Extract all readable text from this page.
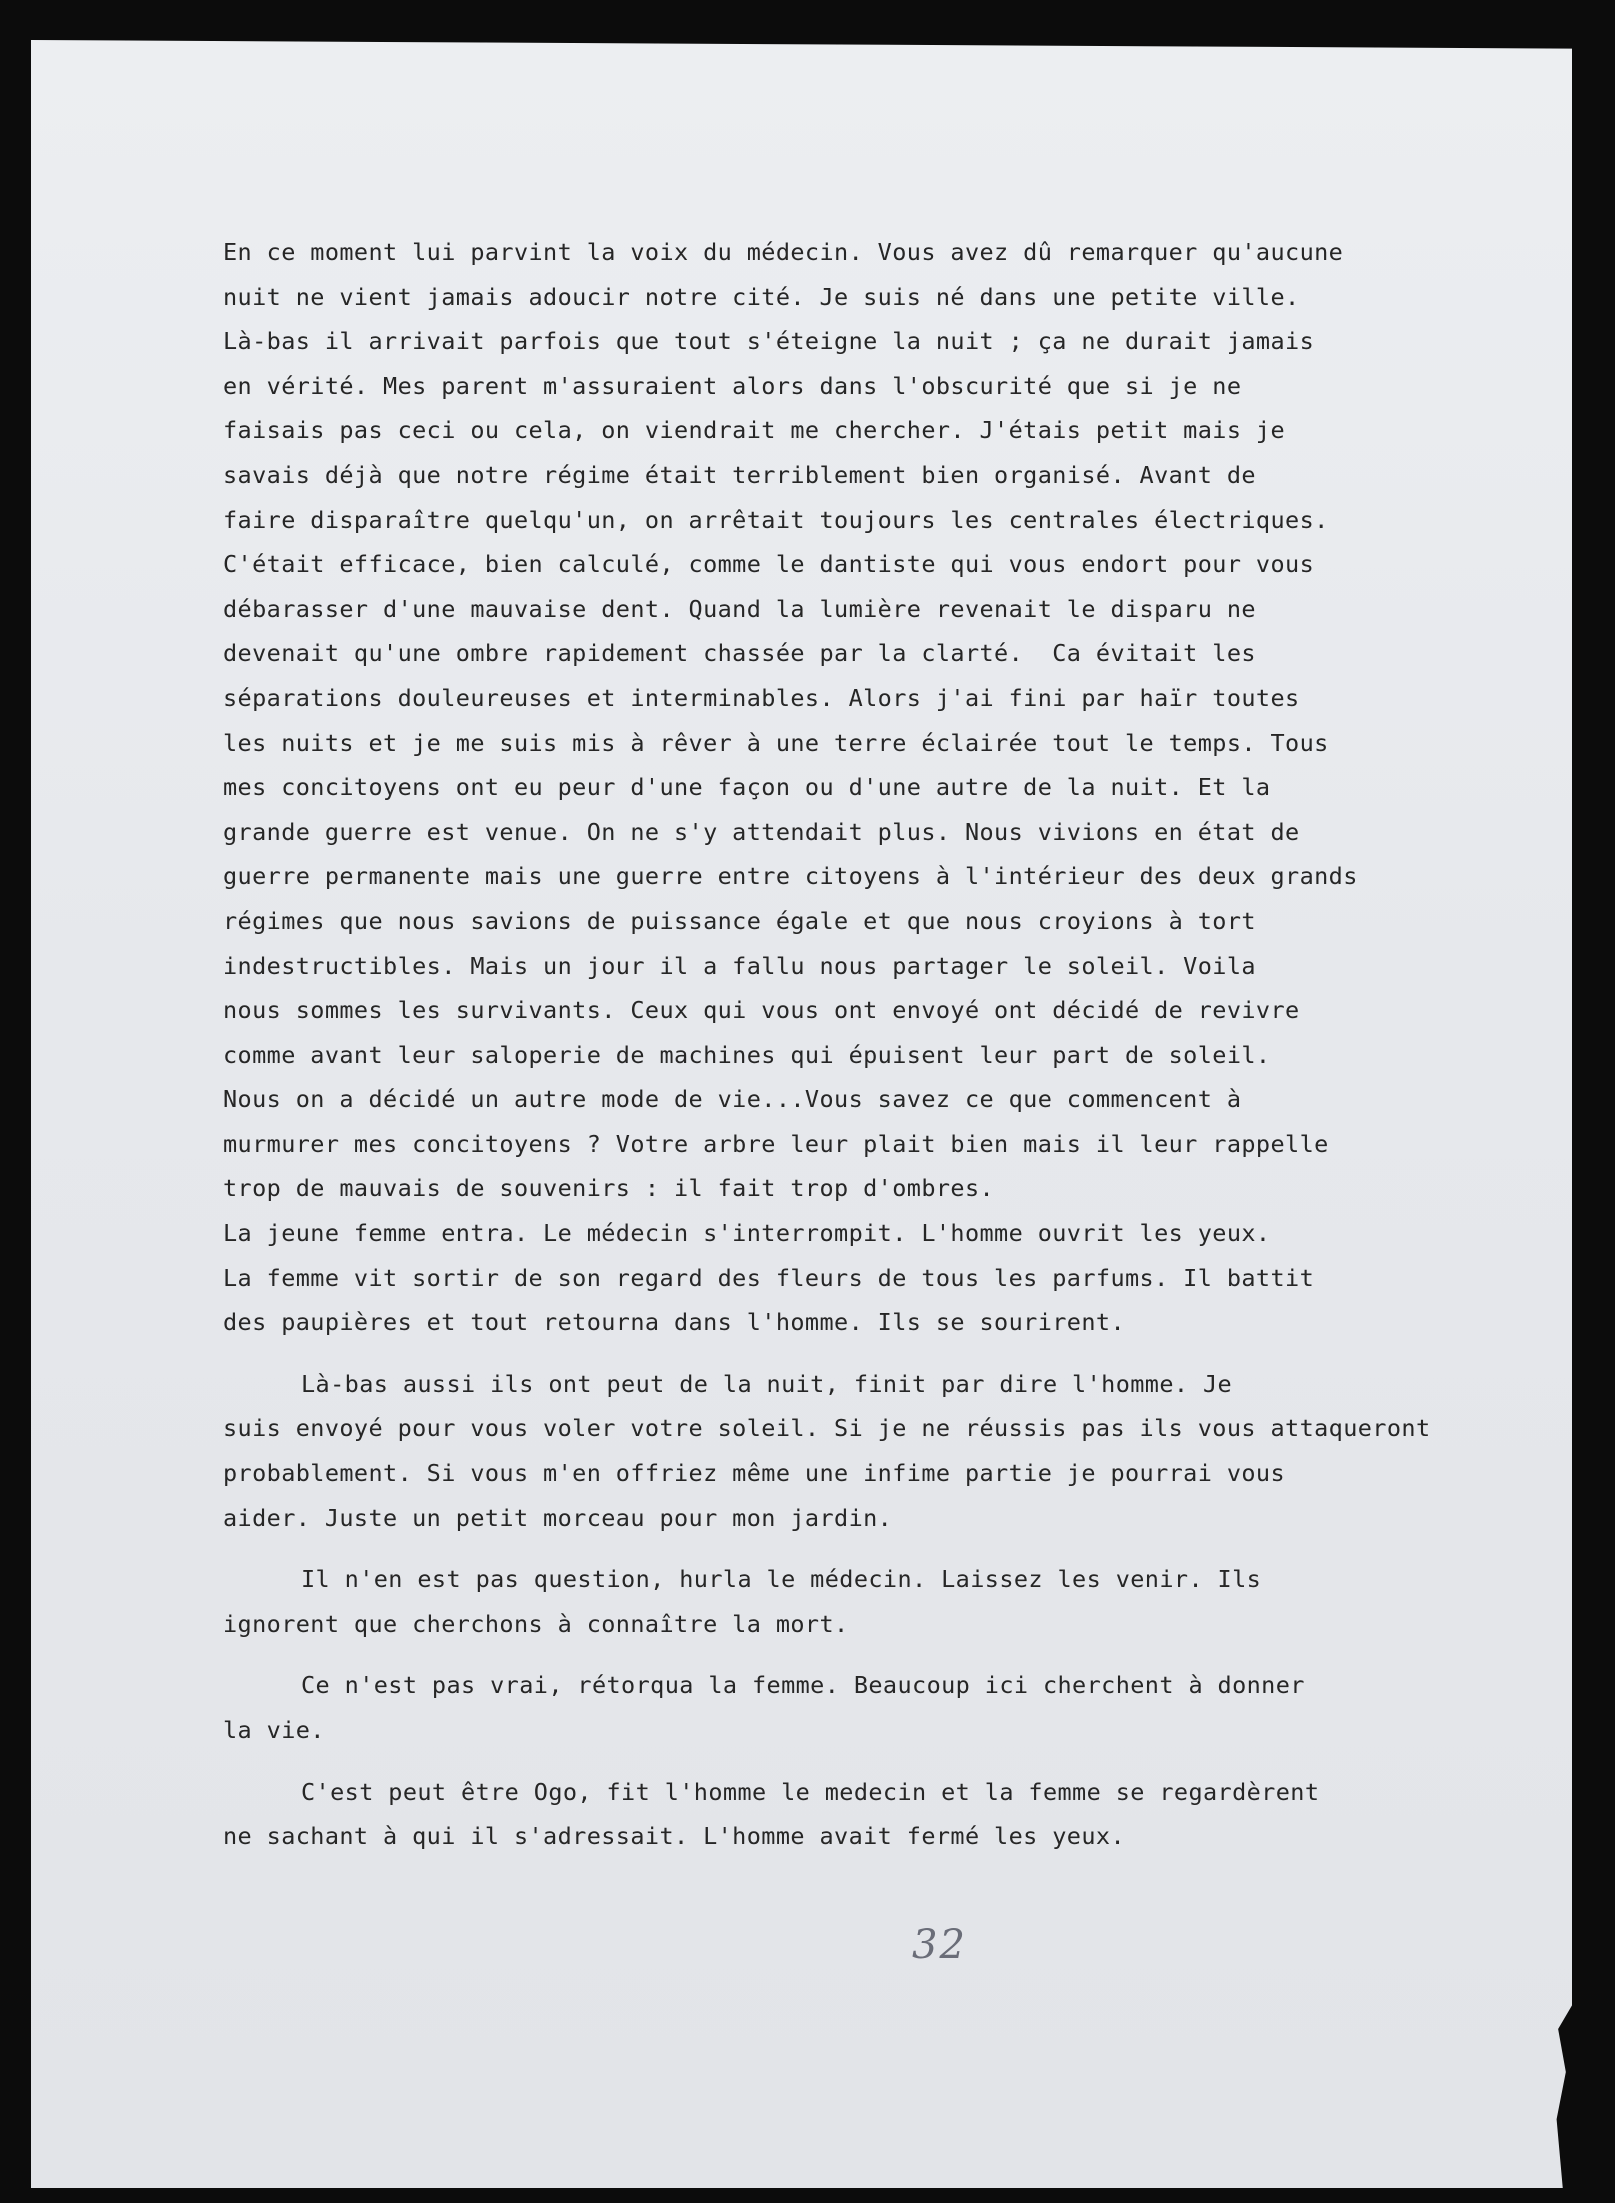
En ce moment lui parvint la voix du médecin. Vous avez dû remarquer qu'aucune
nuit ne vient jamais adoucir notre cité. Je suis né dans une petite ville.
Là-bas il arrivait parfois que tout s'éteigne la nuit ; ça ne durait jamais
en vérité. Mes parent m'assuraient alors dans l'obscurité que si je ne
faisais pas ceci ou cela, on viendrait me chercher. J'étais petit mais je
savais déjà que notre régime était terriblement bien organisé. Avant de
faire disparaître quelqu'un, on arrêtait toujours les centrales électriques.
C'était efficace, bien calculé, comme le dantiste qui vous endort pour vous
débarasser d'une mauvaise dent. Quand la lumière revenait le disparu ne
devenait qu'une ombre rapidement chassée par la clarté.  Ca évitait les
séparations douleureuses et interminables. Alors j'ai fini par haïr toutes
les nuits et je me suis mis à rêver à une terre éclairée tout le temps. Tous
mes concitoyens ont eu peur d'une façon ou d'une autre de la nuit. Et la
grande guerre est venue. On ne s'y attendait plus. Nous vivions en état de
guerre permanente mais une guerre entre citoyens à l'intérieur des deux grands
régimes que nous savions de puissance égale et que nous croyions à tort
indestructibles. Mais un jour il a fallu nous partager le soleil. Voila
nous sommes les survivants. Ceux qui vous ont envoyé ont décidé de revivre
comme avant leur saloperie de machines qui épuisent leur part de soleil.
Nous on a décidé un autre mode de vie...Vous savez ce que commencent à
murmurer mes concitoyens ? Votre arbre leur plait bien mais il leur rappelle
trop de mauvais de souvenirs : il fait trop d'ombres.
La jeune femme entra. Le médecin s'interrompit. L'homme ouvrit les yeux.
La femme vit sortir de son regard des fleurs de tous les parfums. Il battit
des paupières et tout retourna dans l'homme. Ils se sourirent.
Là-bas aussi ils ont peut de la nuit, finit par dire l'homme. Je
suis envoyé pour vous voler votre soleil. Si je ne réussis pas ils vous attaqueront
probablement. Si vous m'en offriez même une infime partie je pourrai vous
aider. Juste un petit morceau pour mon jardin.
Il n'en est pas question, hurla le médecin. Laissez les venir. Ils
ignorent que cherchons à connaître la mort.
Ce n'est pas vrai, rétorqua la femme. Beaucoup ici cherchent à donner
la vie.
C'est peut être Ogo, fit l'homme le medecin et la femme se regardèrent
ne sachant à qui il s'adressait. L'homme avait fermé les yeux.
32
